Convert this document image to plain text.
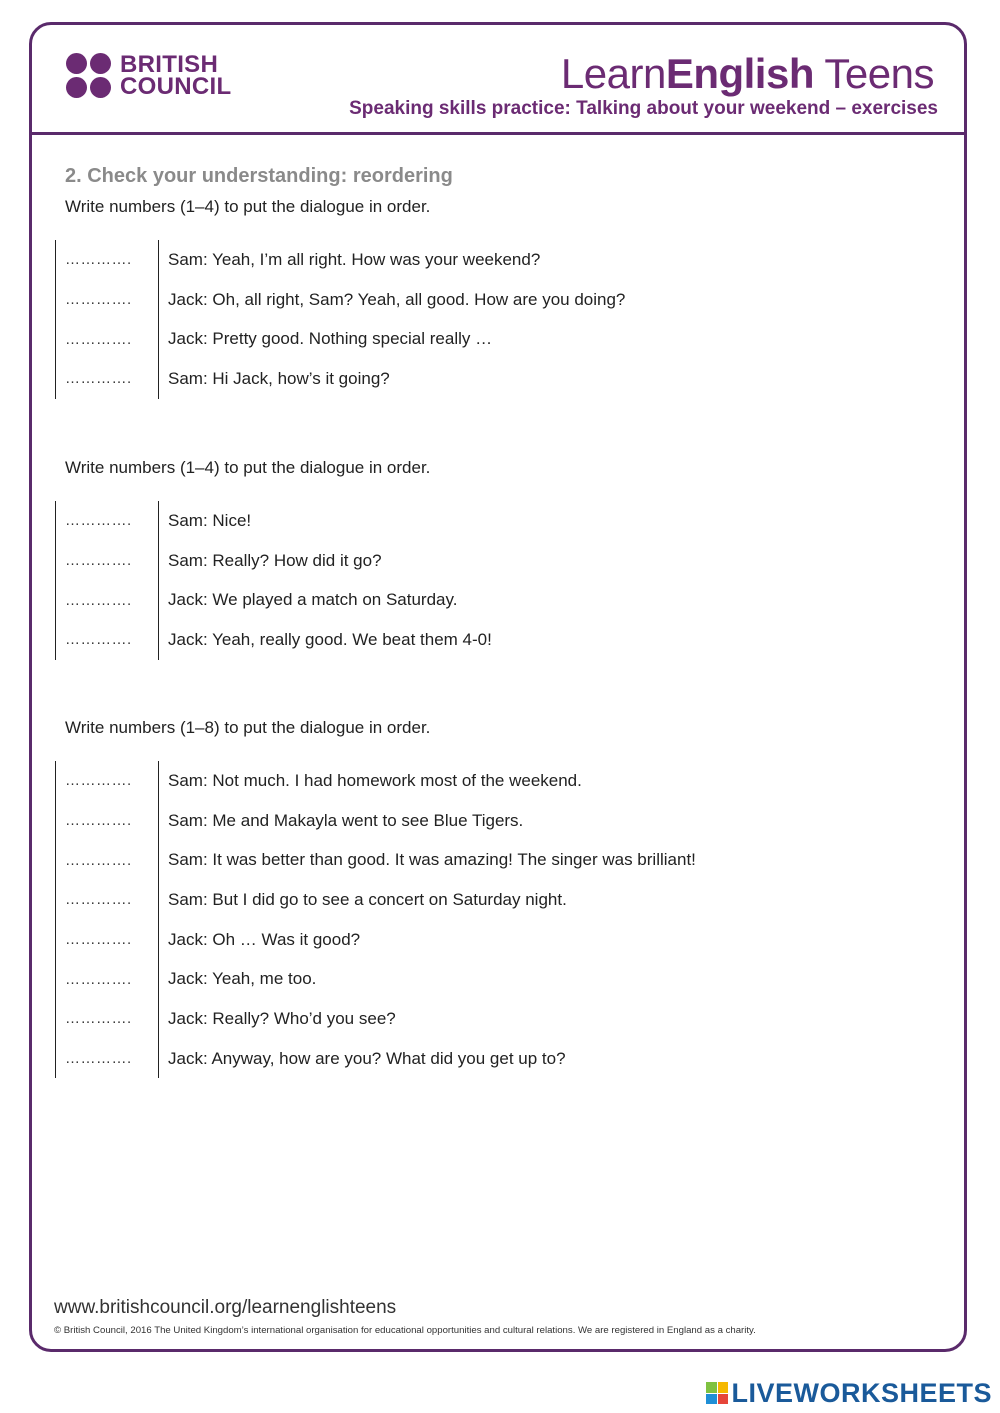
BRITISH
COUNCIL	LearnEnglish Teens
Speaking skills practice: Talking about your weekend – exercises
2. Check your understanding: reordering
Write numbers (1–4) to put the dialogue in order.
………….	Sam: Yeah, I’m all right. How was your weekend?
………….	Jack: Oh, all right, Sam? Yeah, all good. How are you doing?
………….	Jack: Pretty good. Nothing special really …
………….	Sam: Hi Jack, how’s it going?
Write numbers (1–4) to put the dialogue in order.
………….	Sam: Nice!
………….	Sam: Really? How did it go?
………….	Jack: We played a match on Saturday.
………….	Jack: Yeah, really good. We beat them 4-0!
Write numbers (1–8) to put the dialogue in order.
………….	Sam: Not much. I had homework most of the weekend.
………….	Sam: Me and Makayla went to see Blue Tigers.
………….	Sam: It was better than good. It was amazing! The singer was brilliant!
………….	Sam: But I did go to see a concert on Saturday night.
………….	Jack: Oh … Was it good?
………….	Jack: Yeah, me too.
………….	Jack: Really? Who’d you see?
………….	Jack: Anyway, how are you? What did you get up to?
www.britishcouncil.org/learnenglishteens
© British Council, 2016 The United Kingdom’s international organisation for educational opportunities and cultural relations. We are registered in England as a charity.
LIVEWORKSHEETS
